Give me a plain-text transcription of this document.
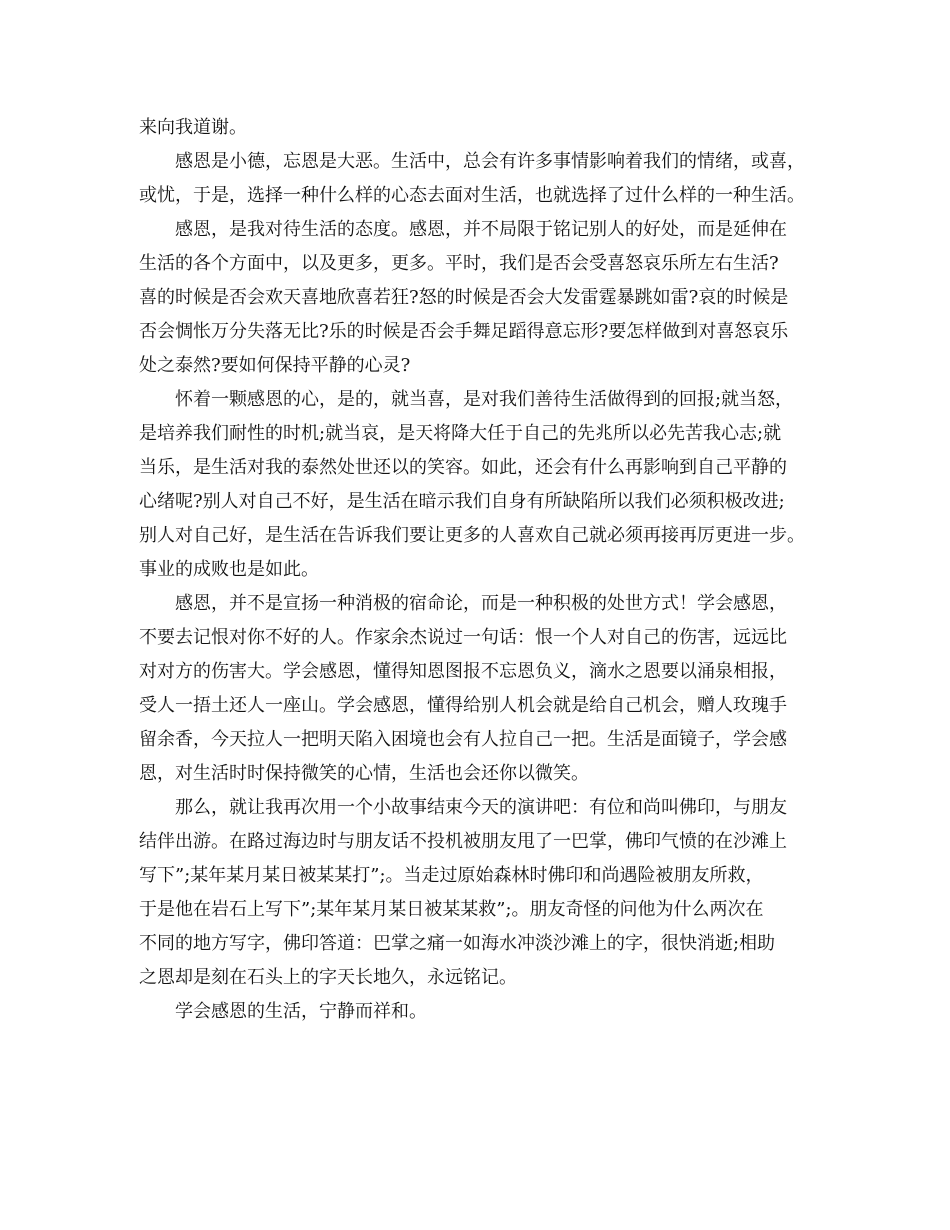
来向我道谢。
感恩是小德，忘恩是大恶。生活中，总会有许多事情影响着我们的情绪，或喜，
或忧，于是，选择一种什么样的心态去面对生活，也就选择了过什么样的一种生活。
感恩，是我对待生活的态度。感恩，并不局限于铭记别人的好处，而是延伸在
生活的各个方面中，以及更多，更多。平时，我们是否会受喜怒哀乐所左右生活?
喜的时候是否会欢天喜地欣喜若狂?怒的时候是否会大发雷霆暴跳如雷?哀的时候是
否会惆怅万分失落无比?乐的时候是否会手舞足蹈得意忘形?要怎样做到对喜怒哀乐
处之泰然?要如何保持平静的心灵?
怀着一颗感恩的心，是的，就当喜，是对我们善待生活做得到的回报;就当怒，
是培养我们耐性的时机;就当哀，是天将降大任于自己的先兆所以必先苦我心志;就
当乐，是生活对我的泰然处世还以的笑容。如此，还会有什么再影响到自己平静的
心绪呢?别人对自己不好，是生活在暗示我们自身有所缺陷所以我们必须积极改进;
别人对自己好，是生活在告诉我们要让更多的人喜欢自己就必须再接再厉更进一步。
事业的成败也是如此。
感恩，并不是宣扬一种消极的宿命论，而是一种积极的处世方式！学会感恩，
不要去记恨对你不好的人。作家余杰说过一句话：恨一个人对自己的伤害，远远比
对对方的伤害大。学会感恩，懂得知恩图报不忘恩负义，滴水之恩要以涌泉相报，
受人一捂土还人一座山。学会感恩，懂得给别人机会就是给自己机会，赠人玫瑰手
留余香，今天拉人一把明天陷入困境也会有人拉自己一把。生活是面镜子，学会感
恩，对生活时时保持微笑的心情，生活也会还你以微笑。
那么，就让我再次用一个小故事结束今天的演讲吧：有位和尚叫佛印，与朋友
结伴出游。在路过海边时与朋友话不投机被朋友甩了一巴掌，佛印气愤的在沙滩上
写下”;某年某月某日被某某打”;。当走过原始森林时佛印和尚遇险被朋友所救，
于是他在岩石上写下”;某年某月某日被某某救”;。朋友奇怪的问他为什么两次在
不同的地方写字，佛印答道：巴掌之痛一如海水冲淡沙滩上的字，很快消逝;相助
之恩却是刻在石头上的字天长地久，永远铭记。
学会感恩的生活，宁静而祥和。
